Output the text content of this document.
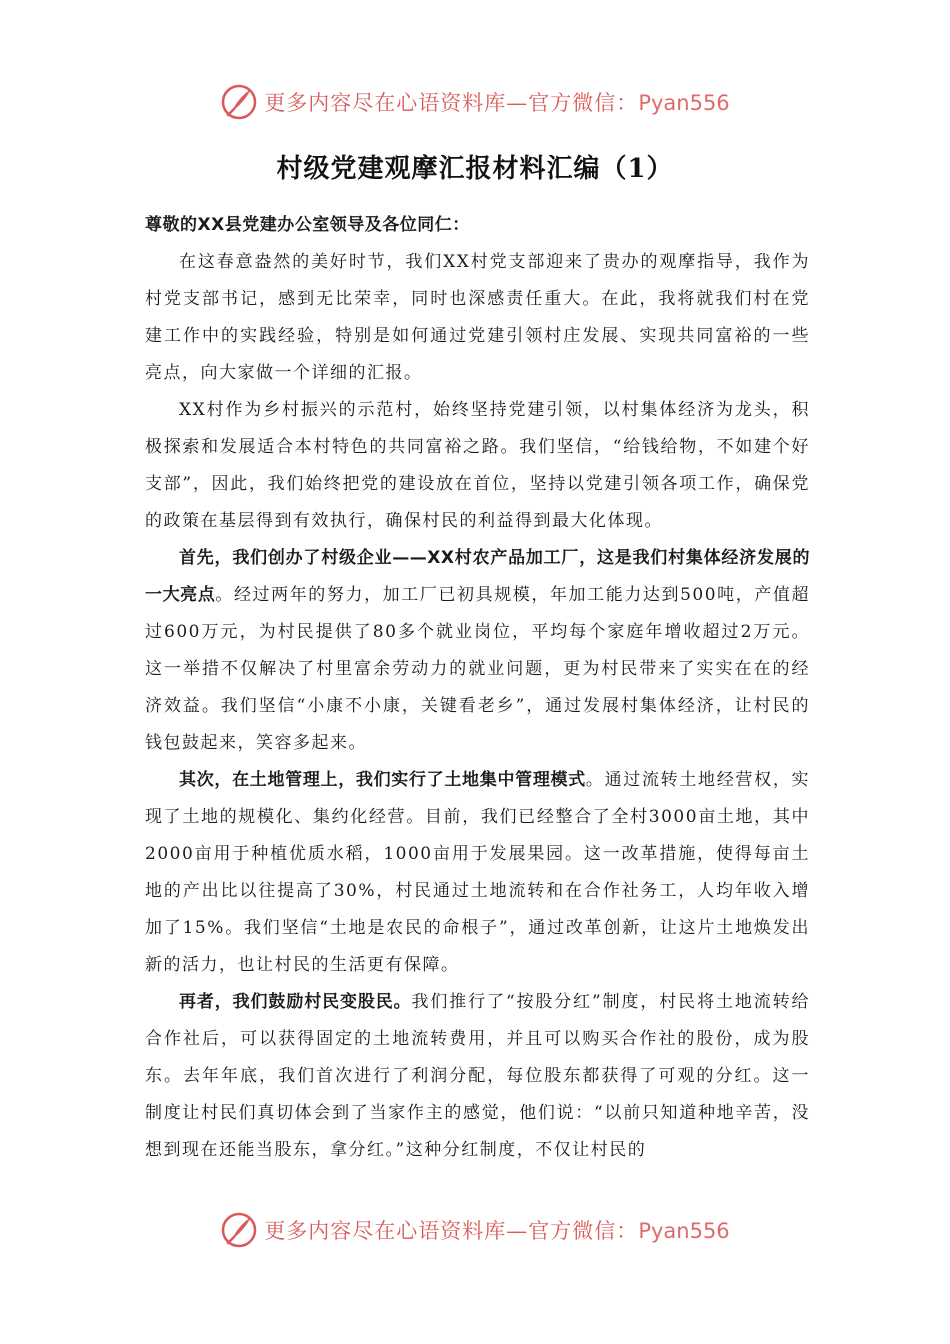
更多内容尽在心语资料库—官方微信：Pyan556
村级党建观摩汇报材料汇编（1）

尊敬的XX县党建办公室领导及各位同仁：

在这春意盎然的美好时节，我们XX村党支部迎来了贵办的观摩指导，我作为村党支部书记，感到无比荣幸，同时也深感责任重大。在此，我将就我们村在党建工作中的实践经验，特别是如何通过党建引领村庄发展、实现共同富裕的一些亮点，向大家做一个详细的汇报。

XX村作为乡村振兴的示范村，始终坚持党建引领，以村集体经济为龙头，积极探索和发展适合本村特色的共同富裕之路。我们坚信，“给钱给物，不如建个好支部”，因此，我们始终把党的建设放在首位，坚持以党建引领各项工作，确保党的政策在基层得到有效执行，确保村民的利益得到最大化体现。

首先，我们创办了村级企业——XX村农产品加工厂，这是我们村集体经济发展的一大亮点。经过两年的努力，加工厂已初具规模，年加工能力达到500吨，产值超过600万元，为村民提供了80多个就业岗位，平均每个家庭年增收超过2万元。这一举措不仅解决了村里富余劳动力的就业问题，更为村民带来了实实在在的经济效益。我们坚信“小康不小康，关键看老乡”，通过发展村集体经济，让村民的钱包鼓起来，笑容多起来。

其次，在土地管理上，我们实行了土地集中管理模式。通过流转土地经营权，实现了土地的规模化、集约化经营。目前，我们已经整合了全村3000亩土地，其中2000亩用于种植优质水稻，1000亩用于发展果园。这一改革措施，使得每亩土地的产出比以往提高了30%，村民通过土地流转和在合作社务工，人均年收入增加了15%。我们坚信“土地是农民的命根子”，通过改革创新，让这片土地焕发出新的活力，也让村民的生活更有保障。

再者，我们鼓励村民变股民。我们推行了“按股分红”制度，村民将土地流转给合作社后，可以获得固定的土地流转费用，并且可以购买合作社的股份，成为股东。去年年底，我们首次进行了利润分配，每位股东都获得了可观的分红。这一制度让村民们真切体会到了当家作主的感觉，他们说：“以前只知道种地辛苦，没想到现在还能当股东，拿分红。”这种分红制度，不仅让村民的

更多内容尽在心语资料库—官方微信：Pyan556
